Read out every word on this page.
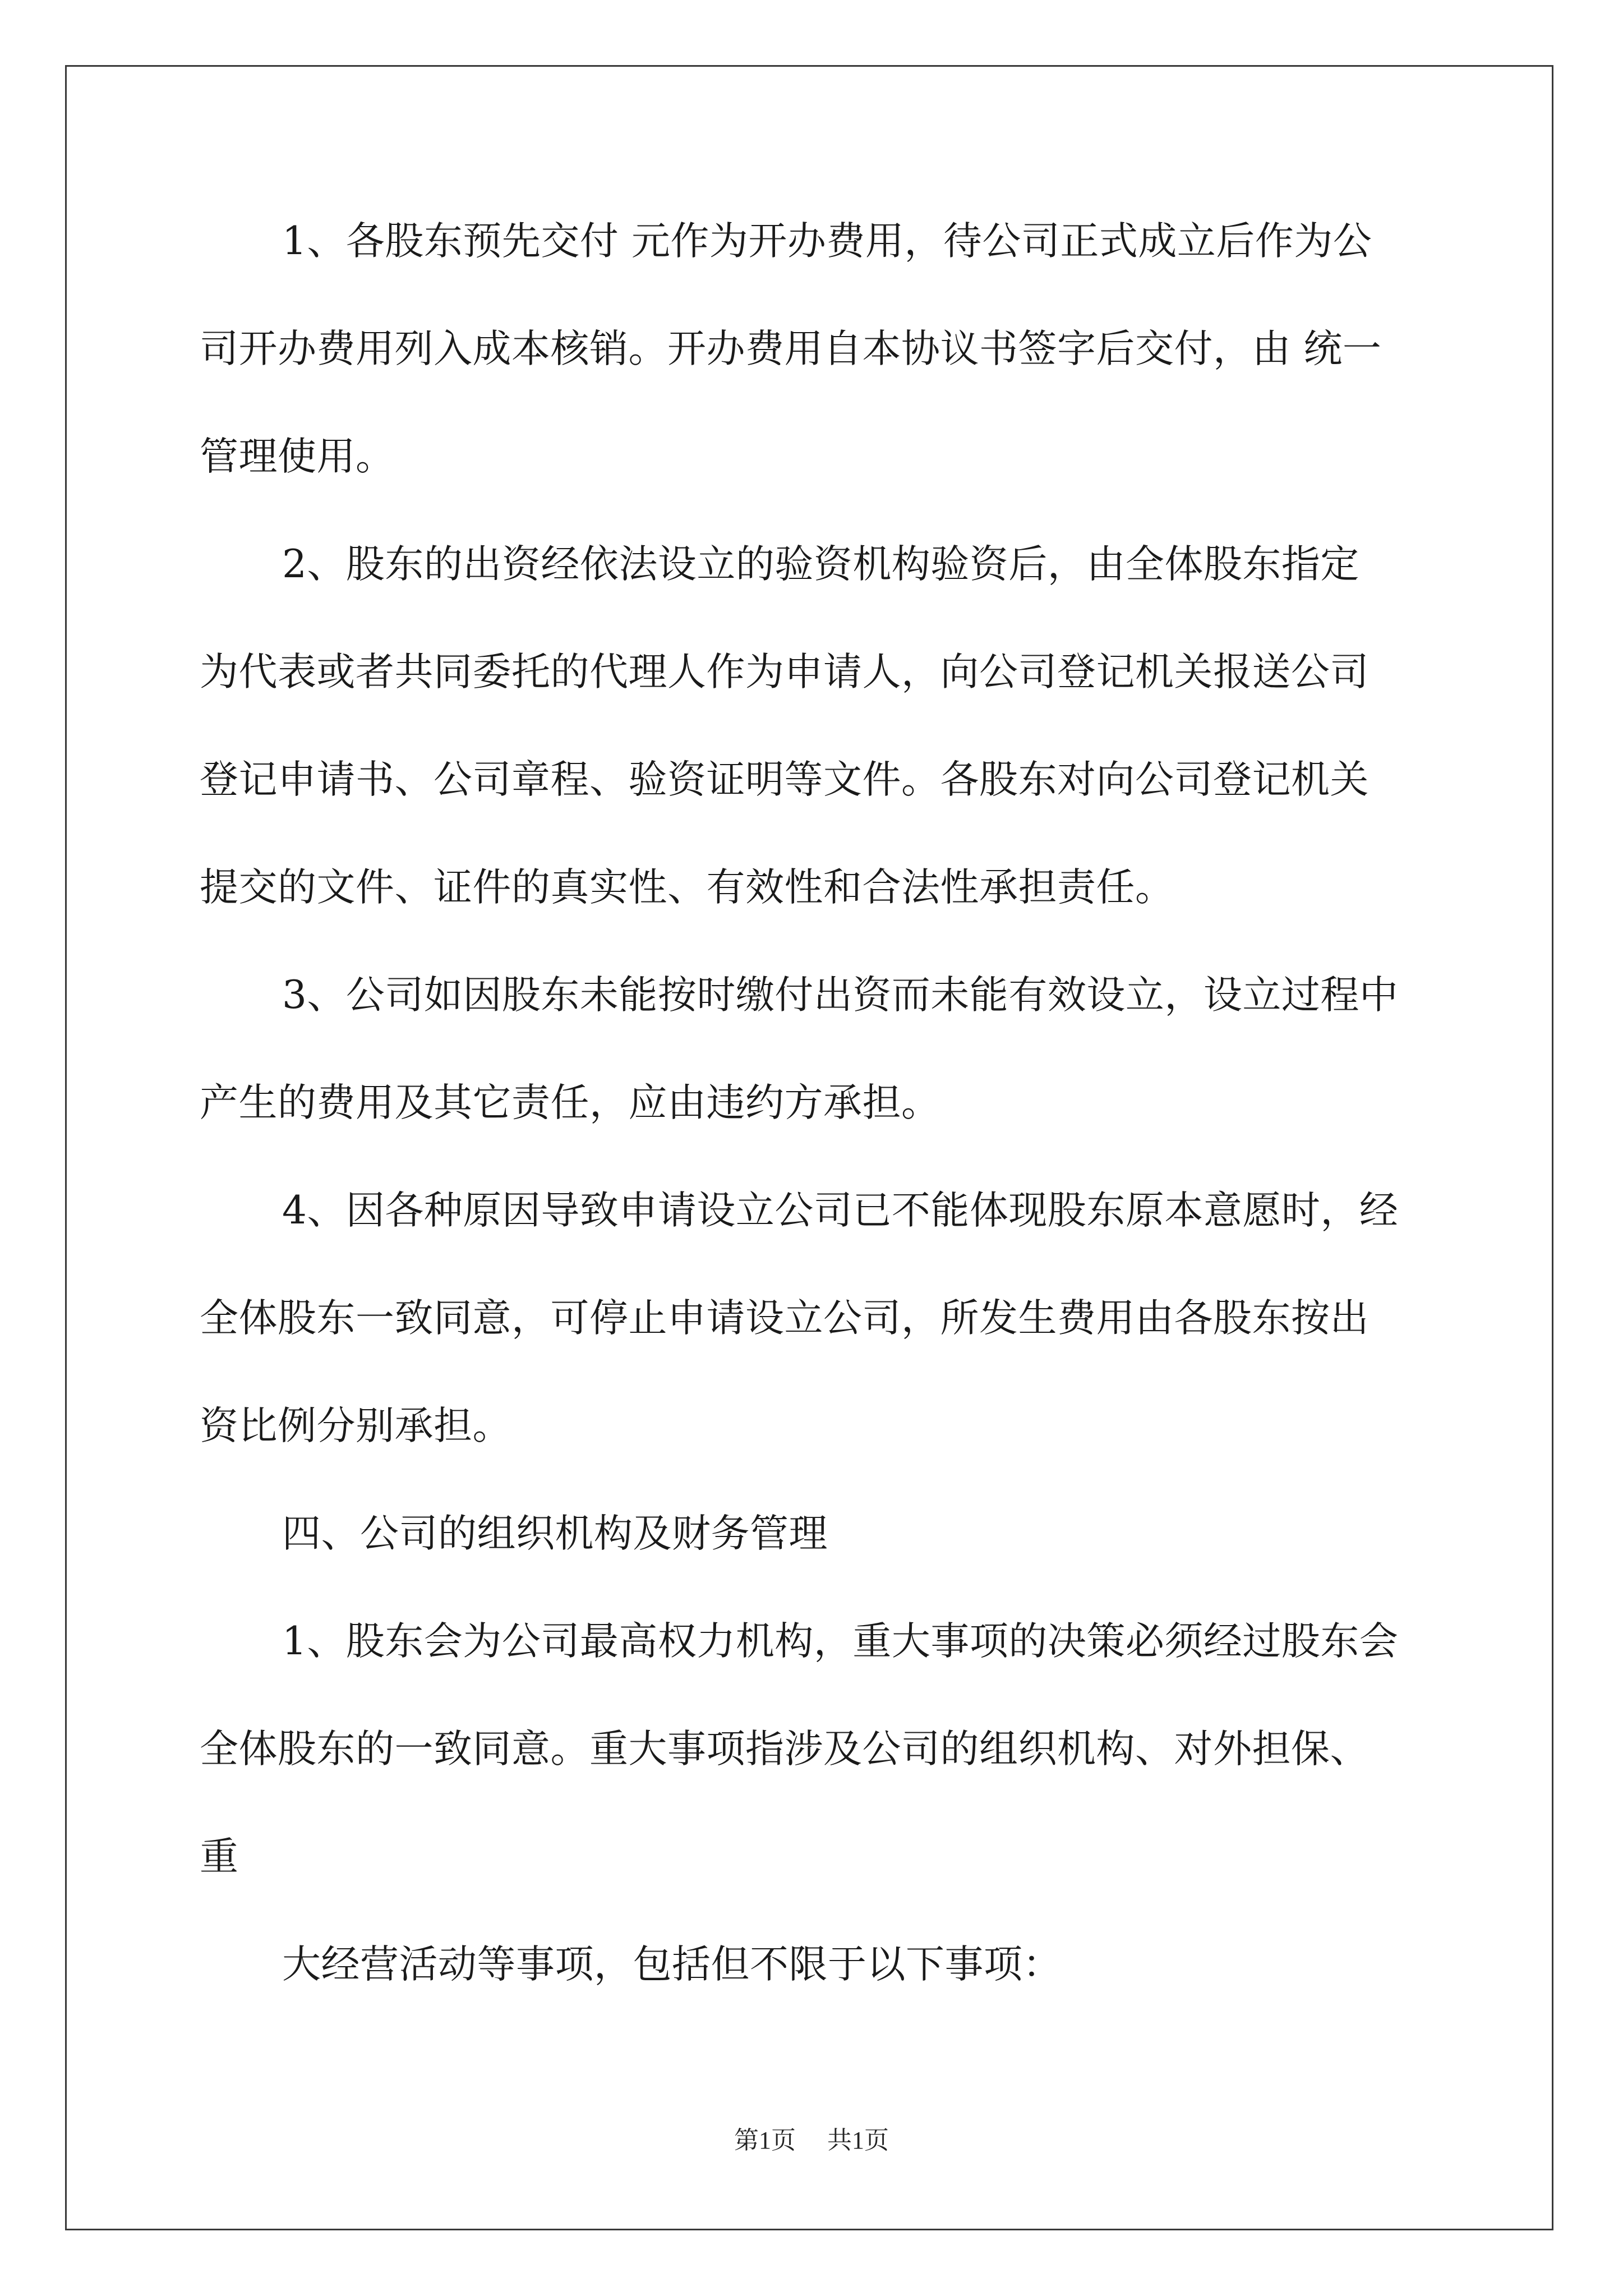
1、各股东预先交付 元作为开办费用，待公司正式成立后作为公
司开办费用列入成本核销。开办费用自本协议书签字后交付，由 统一
管理使用。
2、股东的出资经依法设立的验资机构验资后，由全体股东指定
为代表或者共同委托的代理人作为申请人，向公司登记机关报送公司
登记申请书、公司章程、验资证明等文件。各股东对向公司登记机关
提交的文件、证件的真实性、有效性和合法性承担责任。
3、公司如因股东未能按时缴付出资而未能有效设立，设立过程中
产生的费用及其它责任，应由违约方承担。
4、因各种原因导致申请设立公司已不能体现股东原本意愿时，经
全体股东一致同意，可停止申请设立公司，所发生费用由各股东按出
资比例分别承担。
四、公司的组织机构及财务管理
1、股东会为公司最高权力机构，重大事项的决策必须经过股东会
全体股东的一致同意。重大事项指涉及公司的组织机构、对外担保、
重
大经营活动等事项，包括但不限于以下事项：
第1页 共1页
